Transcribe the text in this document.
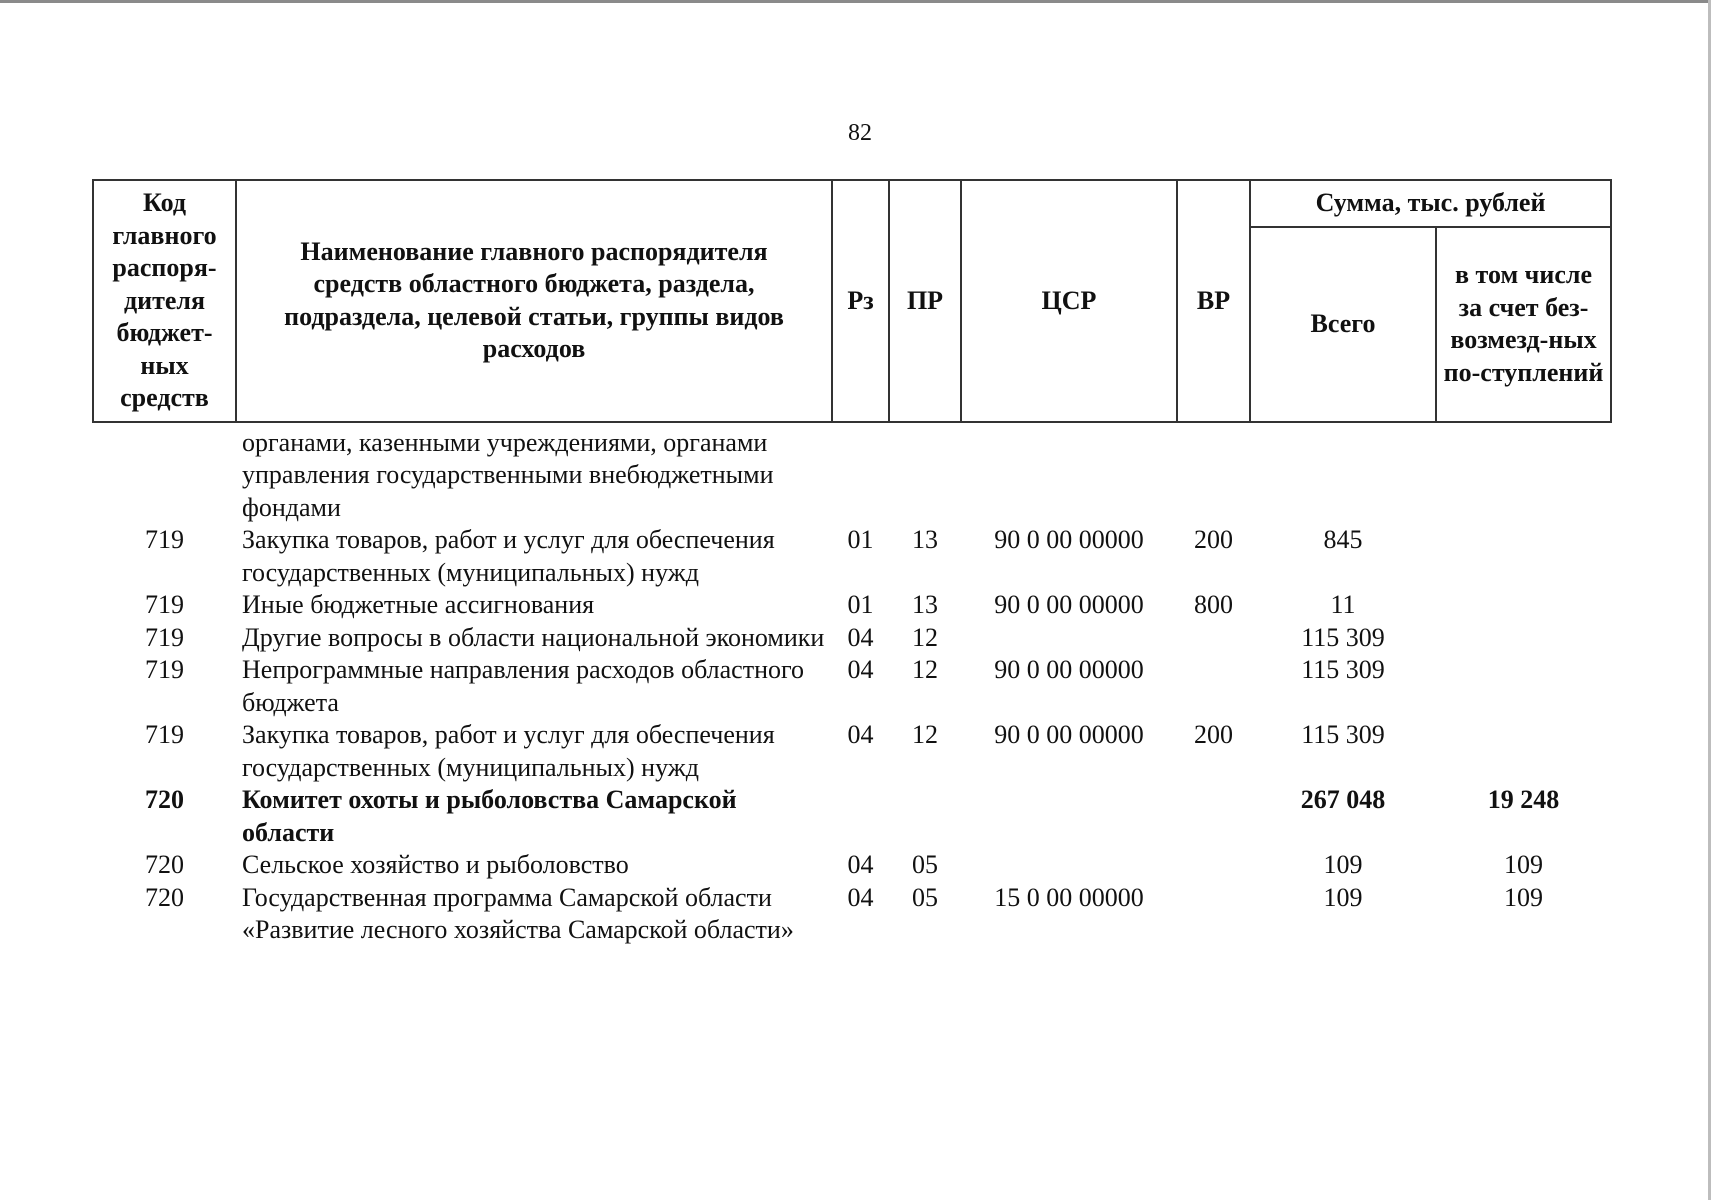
82
Код главного распоря-дителя бюджет-ных средств	Наименование главного распорядителя средств областного бюджета, раздела, подраздела, целевой статьи, группы видов расходов	Рз	ПР	ЦСР	ВР	Сумма, тыс. рублей	
						Всего	в том числе за счет без-возмезд-ных по-ступлений
	органами, казенными учреждениями, органами управления государственными внебюджетными фондами						
719	Закупка товаров, работ и услуг для обеспечения государственных (муниципальных) нужд	01	13	90 0 00 00000	200	845	
719	Иные бюджетные ассигнования	01	13	90 0 00 00000	800	11	
719	Другие вопросы в области национальной экономики	04	12			115 309	
719	Непрограммные направления расходов областного бюджета	04	12	90 0 00 00000		115 309	
719	Закупка товаров, работ и услуг для обеспечения государственных (муниципальных) нужд	04	12	90 0 00 00000	200	115 309	
720	Комитет охоты и рыболовства Самарской области					267 048	19 248
720	Сельское хозяйство и рыболовство	04	05			109	109
720	Государственная программа Самарской области «Развитие лесного хозяйства Самарской области»	04	05	15 0 00 00000		109	109
